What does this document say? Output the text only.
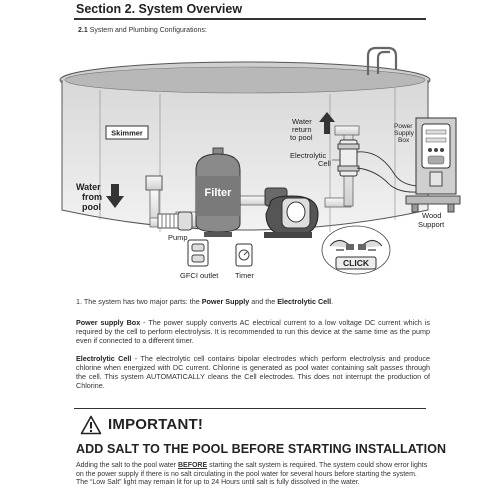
Section 2. System Overview
2.1 System and Plumbing Configurations:
Skimmer
Water
from
pool
Pump
Filter
GFCI outlet Timer
Water
return
to pool
Electrolytic
Cell
Power
Supply
Box
Wood
Support
CLICK
1. The system has two major parts: the Power Supply and the Electrolytic Cell.
Power supply Box - The power supply converts AC electrical current to a low voltage DC current which is required by the cell to perform electrolysis. It is recommended to run this device at the same time as the pump even if connected to a different timer.
Electrolytic Cell - The electrolytic cell contains bipolar electrodes which perform electrolysis and produce chlorine when energized with DC current. Chlorine is generated as pool water containing salt passes through the cell. This system AUTOMATICALLY cleans the Cell electrodes. This does not interrupt the production of Chlorine.
IMPORTANT!
ADD SALT TO THE POOL BEFORE STARTING INSTALLATION
Adding the salt to the pool water BEFORE starting the salt system is required. The system could show error lights on the power supply if there is no salt circulating in the pool water for several hours before starting the system.
The “Low Salt” light may remain lit for up to 24 Hours until salt is fully dissolved in the water.
